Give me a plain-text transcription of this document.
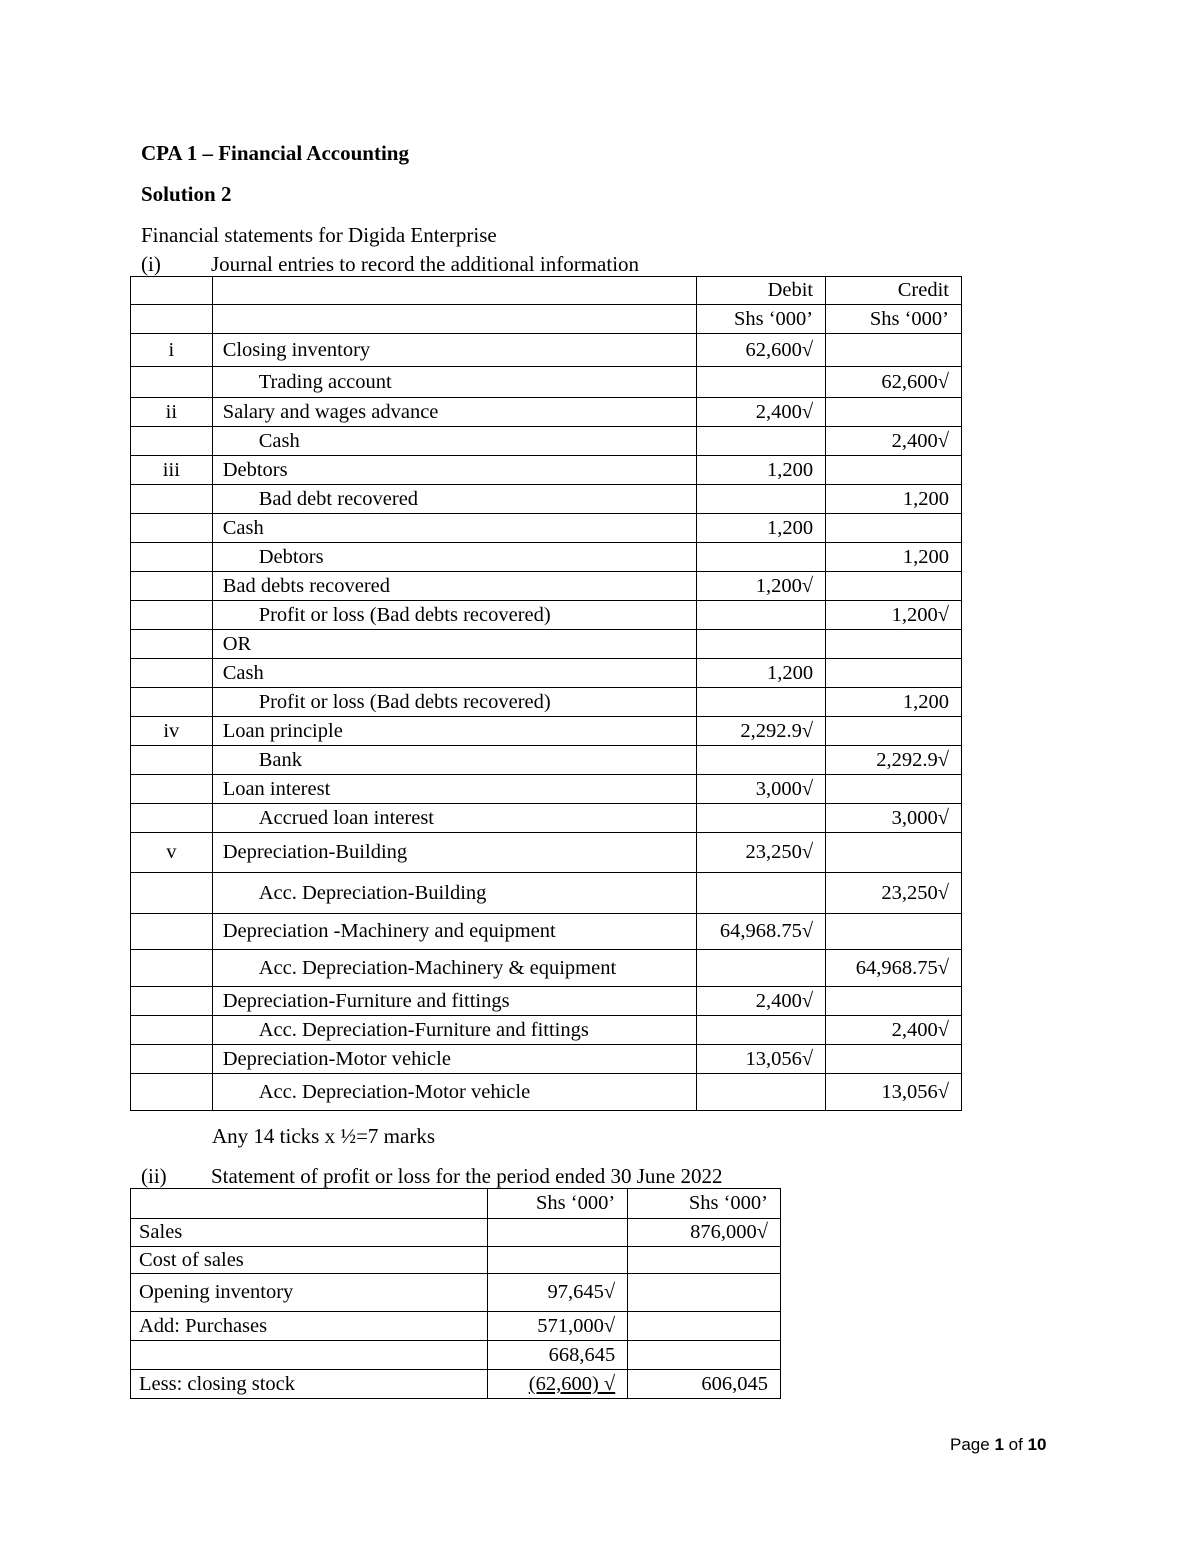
CPA 1 – Financial Accounting
Solution 2
Financial statements for Digida Enterprise
(i) Journal entries to record the additional information
		Debit	Credit
		Shs ‘000’	Shs ‘000’
i	Closing inventory	62,600√	
	Trading account		62,600√
ii	Salary and wages advance	2,400√	
	Cash		2,400√
iii	Debtors	1,200	
	Bad debt recovered		1,200
	Cash	1,200	
	Debtors		1,200
	Bad debts recovered	1,200√	
	Profit or loss (Bad debts recovered)		1,200√
	OR		
	Cash	1,200	
	Profit or loss (Bad debts recovered)		1,200
iv	Loan principle	2,292.9√	
	Bank		2,292.9√
	Loan interest	3,000√	
	Accrued loan interest		3,000√
v	Depreciation-Building	23,250√	
	Acc. Depreciation-Building		23,250√
	Depreciation -Machinery and equipment	64,968.75√	
	Acc. Depreciation-Machinery & equipment		64,968.75√
	Depreciation-Furniture and fittings	2,400√	
	Acc. Depreciation-Furniture and fittings		2,400√
	Depreciation-Motor vehicle	13,056√	
	Acc. Depreciation-Motor vehicle		13,056√
Any 14 ticks x ½=7 marks
(ii) Statement of profit or loss for the period ended 30 June 2022
	Shs ‘000’	Shs ‘000’
Sales		876,000√
Cost of sales		
Opening inventory	97,645√	
Add: Purchases	571,000√	
	668,645	
Less: closing stock	(62,600) √	606,045
Page 1 of 10
